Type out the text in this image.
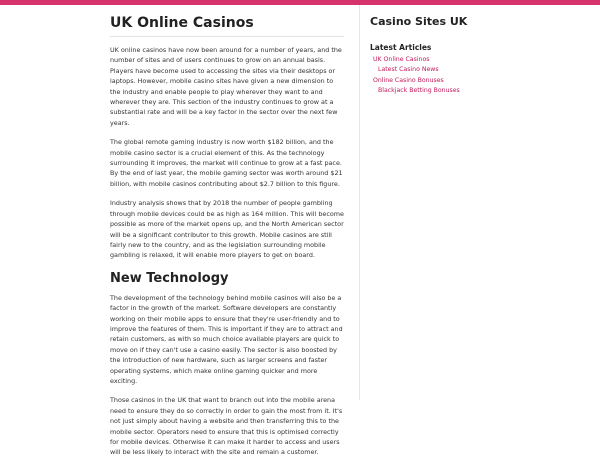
UK Online Casinos

UK online casinos have now been around for a number of years, and the number of sites and of users continues to grow on an annual basis. Players have become used to accessing the sites via their desktops or laptops. However, mobile casino sites have given a new dimension to the industry and enable people to play wherever they want to and wherever they are. This section of the industry continues to grow at a substantial rate and will be a key factor in the sector over the next few years.

The global remote gaming industry is now worth $182 billion, and the mobile casino sector is a crucial element of this. As the technology surrounding it improves, the market will continue to grow at a fast pace. By the end of last year, the mobile gaming sector was worth around $21 billion, with mobile casinos contributing about $2.7 billion to this figure.

Industry analysis shows that by 2018 the number of people gambling through mobile devices could be as high as 164 million. This will become possible as more of the market opens up, and the North American sector will be a significant contributor to this growth. Mobile casinos are still fairly new to the country, and as the legislation surrounding mobile gambling is relaxed, it will enable more players to get on board.

New Technology

The development of the technology behind mobile casinos will also be a factor in the growth of the market. Software developers are constantly working on their mobile apps to ensure that they're user-friendly and to improve the features of them. This is important if they are to attract and retain customers, as with so much choice available players are quick to move on if they can't use a casino easily. The sector is also boosted by the introduction of new hardware, such as larger screens and faster operating systems, which make online gaming quicker and more exciting.

Those casinos in the UK that want to branch out into the mobile arena need to ensure they do so correctly in order to gain the most from it. It's not just simply about having a website and then transferring this to the mobile sector. Operators need to ensure that this is optimised correctly for mobile devices. Otherwise it can make it harder to access and users will be less likely to interact with the site and remain a customer.

Casino Sites UK
Latest Articles
UK Online Casinos
Latest Casino News
Online Casino Bonuses
Blackjack Betting Bonuses
